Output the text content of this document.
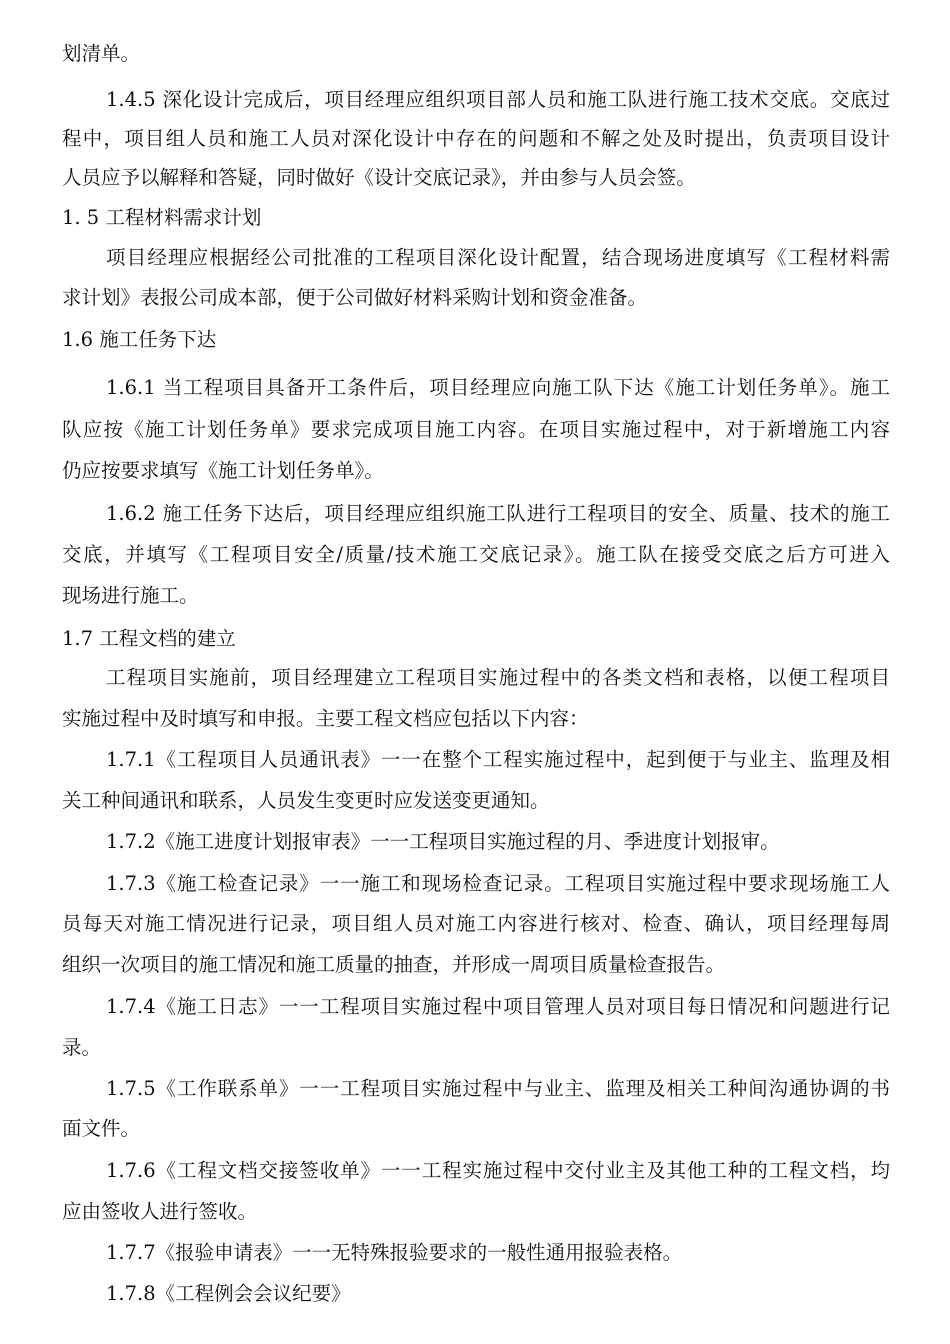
划清单。
1.4.5 深化设计完成后，项目经理应组织项目部人员和施工队进行施工技术交底。交底过
程中，项目组人员和施工人员对深化设计中存在的问题和不解之处及时提出，负责项目设计
人员应予以解释和答疑，同时做好《设计交底记录》，并由参与人员会签。
1. 5 工程材料需求计划
项目经理应根据经公司批准的工程项目深化设计配置，结合现场进度填写《工程材料需
求计划》表报公司成本部，便于公司做好材料采购计划和资金准备。
1.6 施工任务下达
1.6.1 当工程项目具备开工条件后，项目经理应向施工队下达《施工计划任务单》。施工
队应按《施工计划任务单》要求完成项目施工内容。在项目实施过程中，对于新增施工内容
仍应按要求填写《施工计划任务单》。
1.6.2 施工任务下达后，项目经理应组织施工队进行工程项目的安全、质量、技术的施工
交底，并填写《工程项目安全/质量/技术施工交底记录》。施工队在接受交底之后方可进入
现场进行施工。
1.7 工程文档的建立
工程项目实施前，项目经理建立工程项目实施过程中的各类文档和表格，以便工程项目
实施过程中及时填写和申报。主要工程文档应包括以下内容：
1.7.1《工程项目人员通讯表》一一在整个工程实施过程中，起到便于与业主、监理及相
关工种间通讯和联系，人员发生变更时应发送变更通知。
1.7.2《施工进度计划报审表》一一工程项目实施过程的月、季进度计划报审。
1.7.3《施工检查记录》一一施工和现场检查记录。工程项目实施过程中要求现场施工人
员每天对施工情况进行记录，项目组人员对施工内容进行核对、检查、确认，项目经理每周
组织一次项目的施工情况和施工质量的抽查，并形成一周项目质量检查报告。
1.7.4《施工日志》一一工程项目实施过程中项目管理人员对项目每日情况和问题进行记
录。
1.7.5《工作联系单》一一工程项目实施过程中与业主、监理及相关工种间沟通协调的书
面文件。
1.7.6《工程文档交接签收单》一一工程实施过程中交付业主及其他工种的工程文档，均
应由签收人进行签收。
1.7.7《报验申请表》一一无特殊报验要求的一般性通用报验表格。
1.7.8《工程例会会议纪要》
